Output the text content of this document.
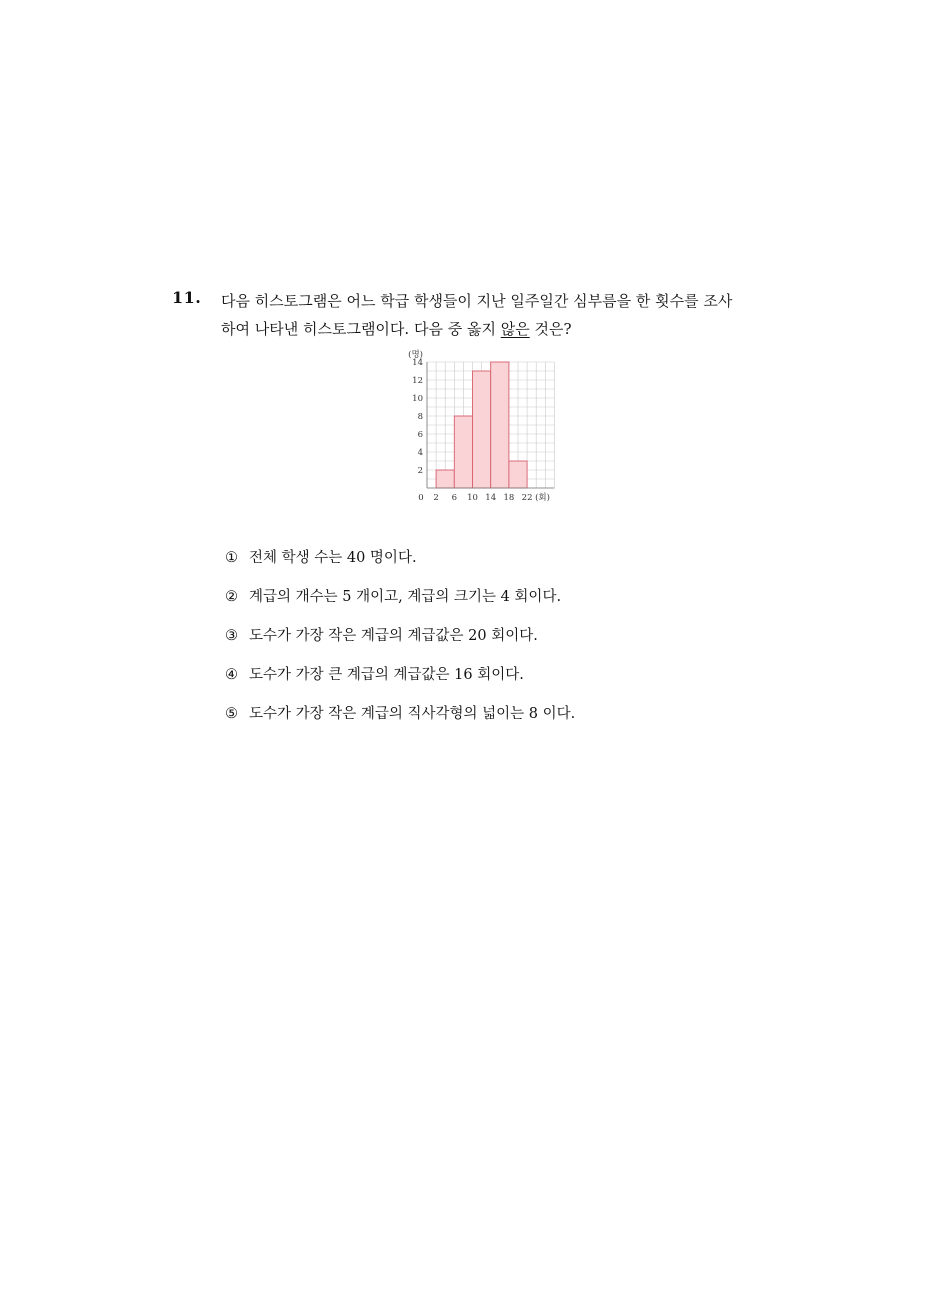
11. 다음 히스토그램은 어느 학급 학생들이 지난 일주일간 심부름을 한 횟수를 조사
하여 나타낸 히스토그램이다. 다음 중 옳지 않은 것은?
2
4
6
8
10
12
14
(명)
0 2 6 10 14 18 22 (회)
① 전체 학생 수는 40 명이다.
② 계급의 개수는 5 개이고, 계급의 크기는 4 회이다.
③ 도수가 가장 작은 계급의 계급값은 20 회이다.
④ 도수가 가장 큰 계급의 계급값은 16 회이다.
⑤ 도수가 가장 작은 계급의 직사각형의 넓이는 8 이다.
